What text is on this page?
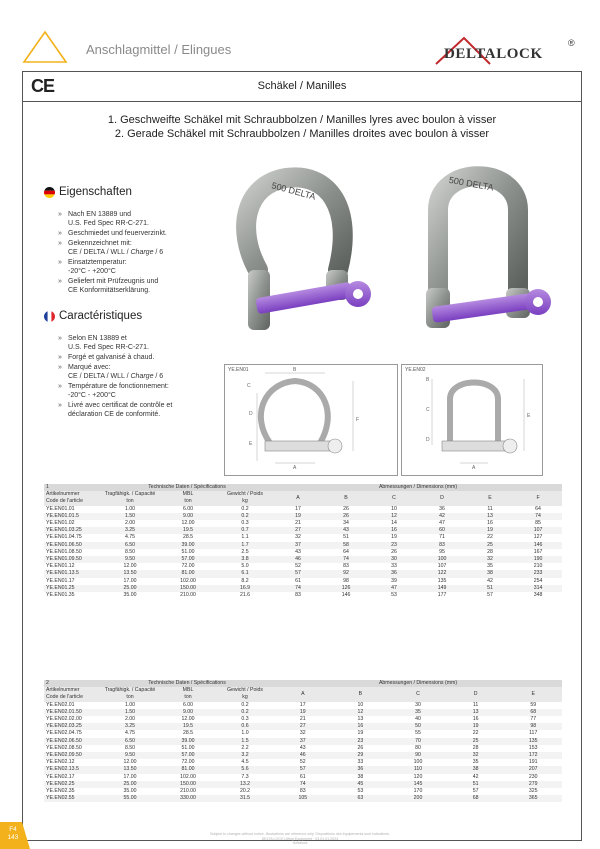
Anschlagmittel / Elingues	DELTALOCK
®
CE	Schäkel / Manilles
1. Geschweifte Schäkel mit Schraubbolzen / Manilles lyres avec boulon à visser
2. Gerade Schäkel mit Schraubbolzen / Manilles droites avec boulon à visser
Eigenschaften
» Nach EN 13889 und
U.S. Fed Spec RR-C-271.
» Geschmiedet und feuerverzinkt.
» Gekennzeichnet mit:
CE / DELTA / WLL / Charge / 6
» Einsatztemperatur:
-20°C - +200°C
» Geliefert mit Prüfzeugnis und
CE Konformitätserklärung.
Caractéristiques
» Selon EN 13889 et
U.S. Fed Spec RR-C-271.
» Forgé et galvanisé à chaud.
» Marqué avec:
CE / DELTA / WLL / Charge / 6
» Température de fonctionnement:
-20°C - +200°C
» Livré avec certificat de contrôle et
déclaration CE de conformité.
500 DELTA	500 DELTA
YE.EN01	B
C
D
E
F
A
YE.EN02
B
C
D
E
A
1	Technische Daten / Spécifications			Abmessungen / Dimensions (mm)					
Artikelnummer	Tragfähigk. / Capacité	MBL	Gewicht / Poids	A	B	C	D	E	F
Code de l'article	ton	ton	kg						
YE.EN01.01	1.00	6.00	0.2	17	26	10	36	11	64
YE.EN01.01.5	1.50	9.00	0.2	19	26	12	42	13	74
YE.EN01.02	2.00	12.00	0.3	21	34	14	47	16	85
YE.EN01.03.25	3.25	19.5	0.7	27	43	16	60	19	107
YE.EN01.04.75	4.75	28.5	1.1	32	51	19	71	22	127
YE.EN01.06.50	6.50	39.00	1.7	37	58	23	83	25	146
YE.EN01.08.50	8.50	51.00	2.5	43	64	26	95	28	167
YE.EN01.09.50	9.50	57.00	3.8	46	74	30	100	32	190
YE.EN01.12	12.00	72.00	5.0	52	83	33	107	35	210
YE.EN01.13.5	13.50	81.00	6.1	57	92	36	122	38	233
YE.EN01.17	17.00	102.00	8.2	61	98	39	135	42	254
YE.EN01.25	25.00	150.00	16.9	74	126	47	149	51	314
YE.EN01.35	35.00	210.00	21.6	83	146	53	177	57	348
2	Technische Daten / Spécifications			Abmessungen / Dimensions (mm)				
Artikelnummer	Tragfähigk. / Capacité	MBL	Gewicht / Poids	A	B	C	D	E
Code de l'article	ton	ton	kg					
YE.EN02.01	1.00	6.00	0.2	17	10	30	11	59
YE.EN02.01.50	1.50	9.00	0.2	19	12	35	13	68
YE.EN02.02.00	2.00	12.00	0.3	21	13	40	16	77
YE.EN02.03.25	3.25	19.5	0.6	27	16	50	19	98
YE.EN02.04.75	4.75	28.5	1.0	32	19	55	22	117
YE.EN02.06.50	6.50	39.00	1.5	37	23	70	25	135
YE.EN02.08.50	8.50	51.00	2.2	43	26	80	28	153
YE.EN02.09.50	9.50	57.00	3.2	46	29	90	32	172
YE.EN02.12	12.00	72.00	4.5	52	33	100	35	191
YE.EN02.13.5	13.50	81.00	5.6	57	36	110	38	207
YE.EN02.17	17.00	102.00	7.3	61	38	120	42	230
YE.EN02.25	25.00	150.00	13.2	74	45	145	51	279
YE.EN02.35	35.00	210.00	20.2	83	53	170	57	325
YE.EN02.55	55.00	330.00	31.5	105	63	200	68	365
F4
143	Subject to changes without notice. Illustrations are reference only. Dispositions des équipements sont indicatives.
DELTA LOCK Lifting Equipment · 03.01.01.2024
Deltalock
